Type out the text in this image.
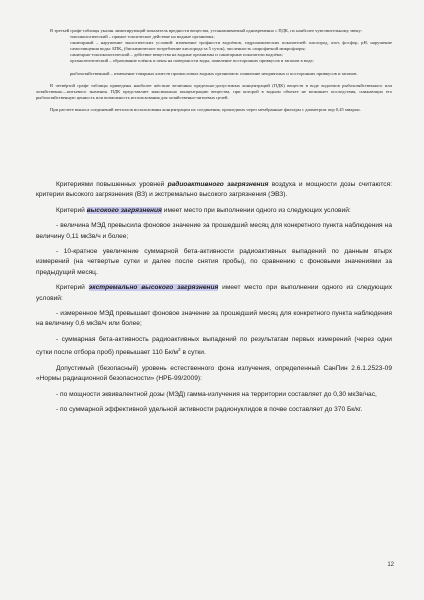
В третьей графе таблицы указан лимитирующий показатель вредности вещества, устанавливаемый одновременно с ПДК, по наиболее чувствительному звену:

токсикологический – прямое токсическое действие на водные организмы;

санитарный – нарушение экологических условий: изменение трофности водоёмов, гидрохимических показателей: кислород, азот, фосфор, pH, нарушение самоочищения воды: БПК₅ (биохимическое потребление кислорода за 5 суток), численность сапрофитной микрофлоры;

санитарно-токсикологический – действие вещества на водные организмы и санитарные показатели водоёма;

органолептический – образование плёнок и пены на поверхности воды, появление посторонних привкусов и запахов в воде;

рыбохозяйственный – изменение товарных качеств промысловых водных организмов: появление неприятных и посторонних привкусов и запахов.

В четвёртой графе таблицы приведены наиболее жёсткие величины предельно-допустимых концентраций (ПДК) веществ в воде водоемов рыбохозяйственного или хозяйственно—питьевого значения. ПДК представляет максимально концентрацию вещества, при которой в водном объекте не возникает последствия, снижающих его рыбохозяйственную ценность или возможность использования для хозяйственно-питьевых целей.

При расчете выноса соединений металлов использованы концентрации их соединения, прошедших через мембранные фильтры с диаметром пор 0,45 микрон.

Критериями повышенных уровней радиоактивного загрязнения воздуха и мощности дозы считаются: критерии высокого загрязнения (ВЗ) и экстремально высокого загрязнения (ЭВЗ).

Критерий высокого загрязнения имеет место при выполнении одного из следующих условий:

- величина МЭД превысила фоновое значение за прошедший месяц для конкретного пункта наблюдения на величину 0,11 мкЗв/ч и более;

- 10-кратное увеличение суммарной бета-активности радиоактивных выпадений по данным втырх измерений (на четвертые сутки и далее после снятия пробы), по сравнению с фоновыми значениями за предыдущий месяц.

Критерий экстремально высокого загрязнения имеет место при выполнении одного из следующих условий:

- измеренное МЭД превышает фоновое значение за прошедший месяц для конкретного пункта наблюдения на величину 0,6 мкЗв/ч или более;

- суммарная бета-активность радиоактивных выпадений по результатам первых измерений (через одни сутки после отбора проб) превышает 110 $Бк/м^2$ в сутки.

Допустимый (безопасный) уровень естественного фона излучения, определенный СанПин 2.6.1.2523-09 «Нормы радиационной безопасности» (НРБ-99/2009):

- по мощности эквивалентной дозы (МЭД) гамма-излучения на территории составляет до 0,30 мкЗв/час,

- по суммарной эффективной удельной активности радионуклидов в почве составляет до 370 Бк/кг.

12
